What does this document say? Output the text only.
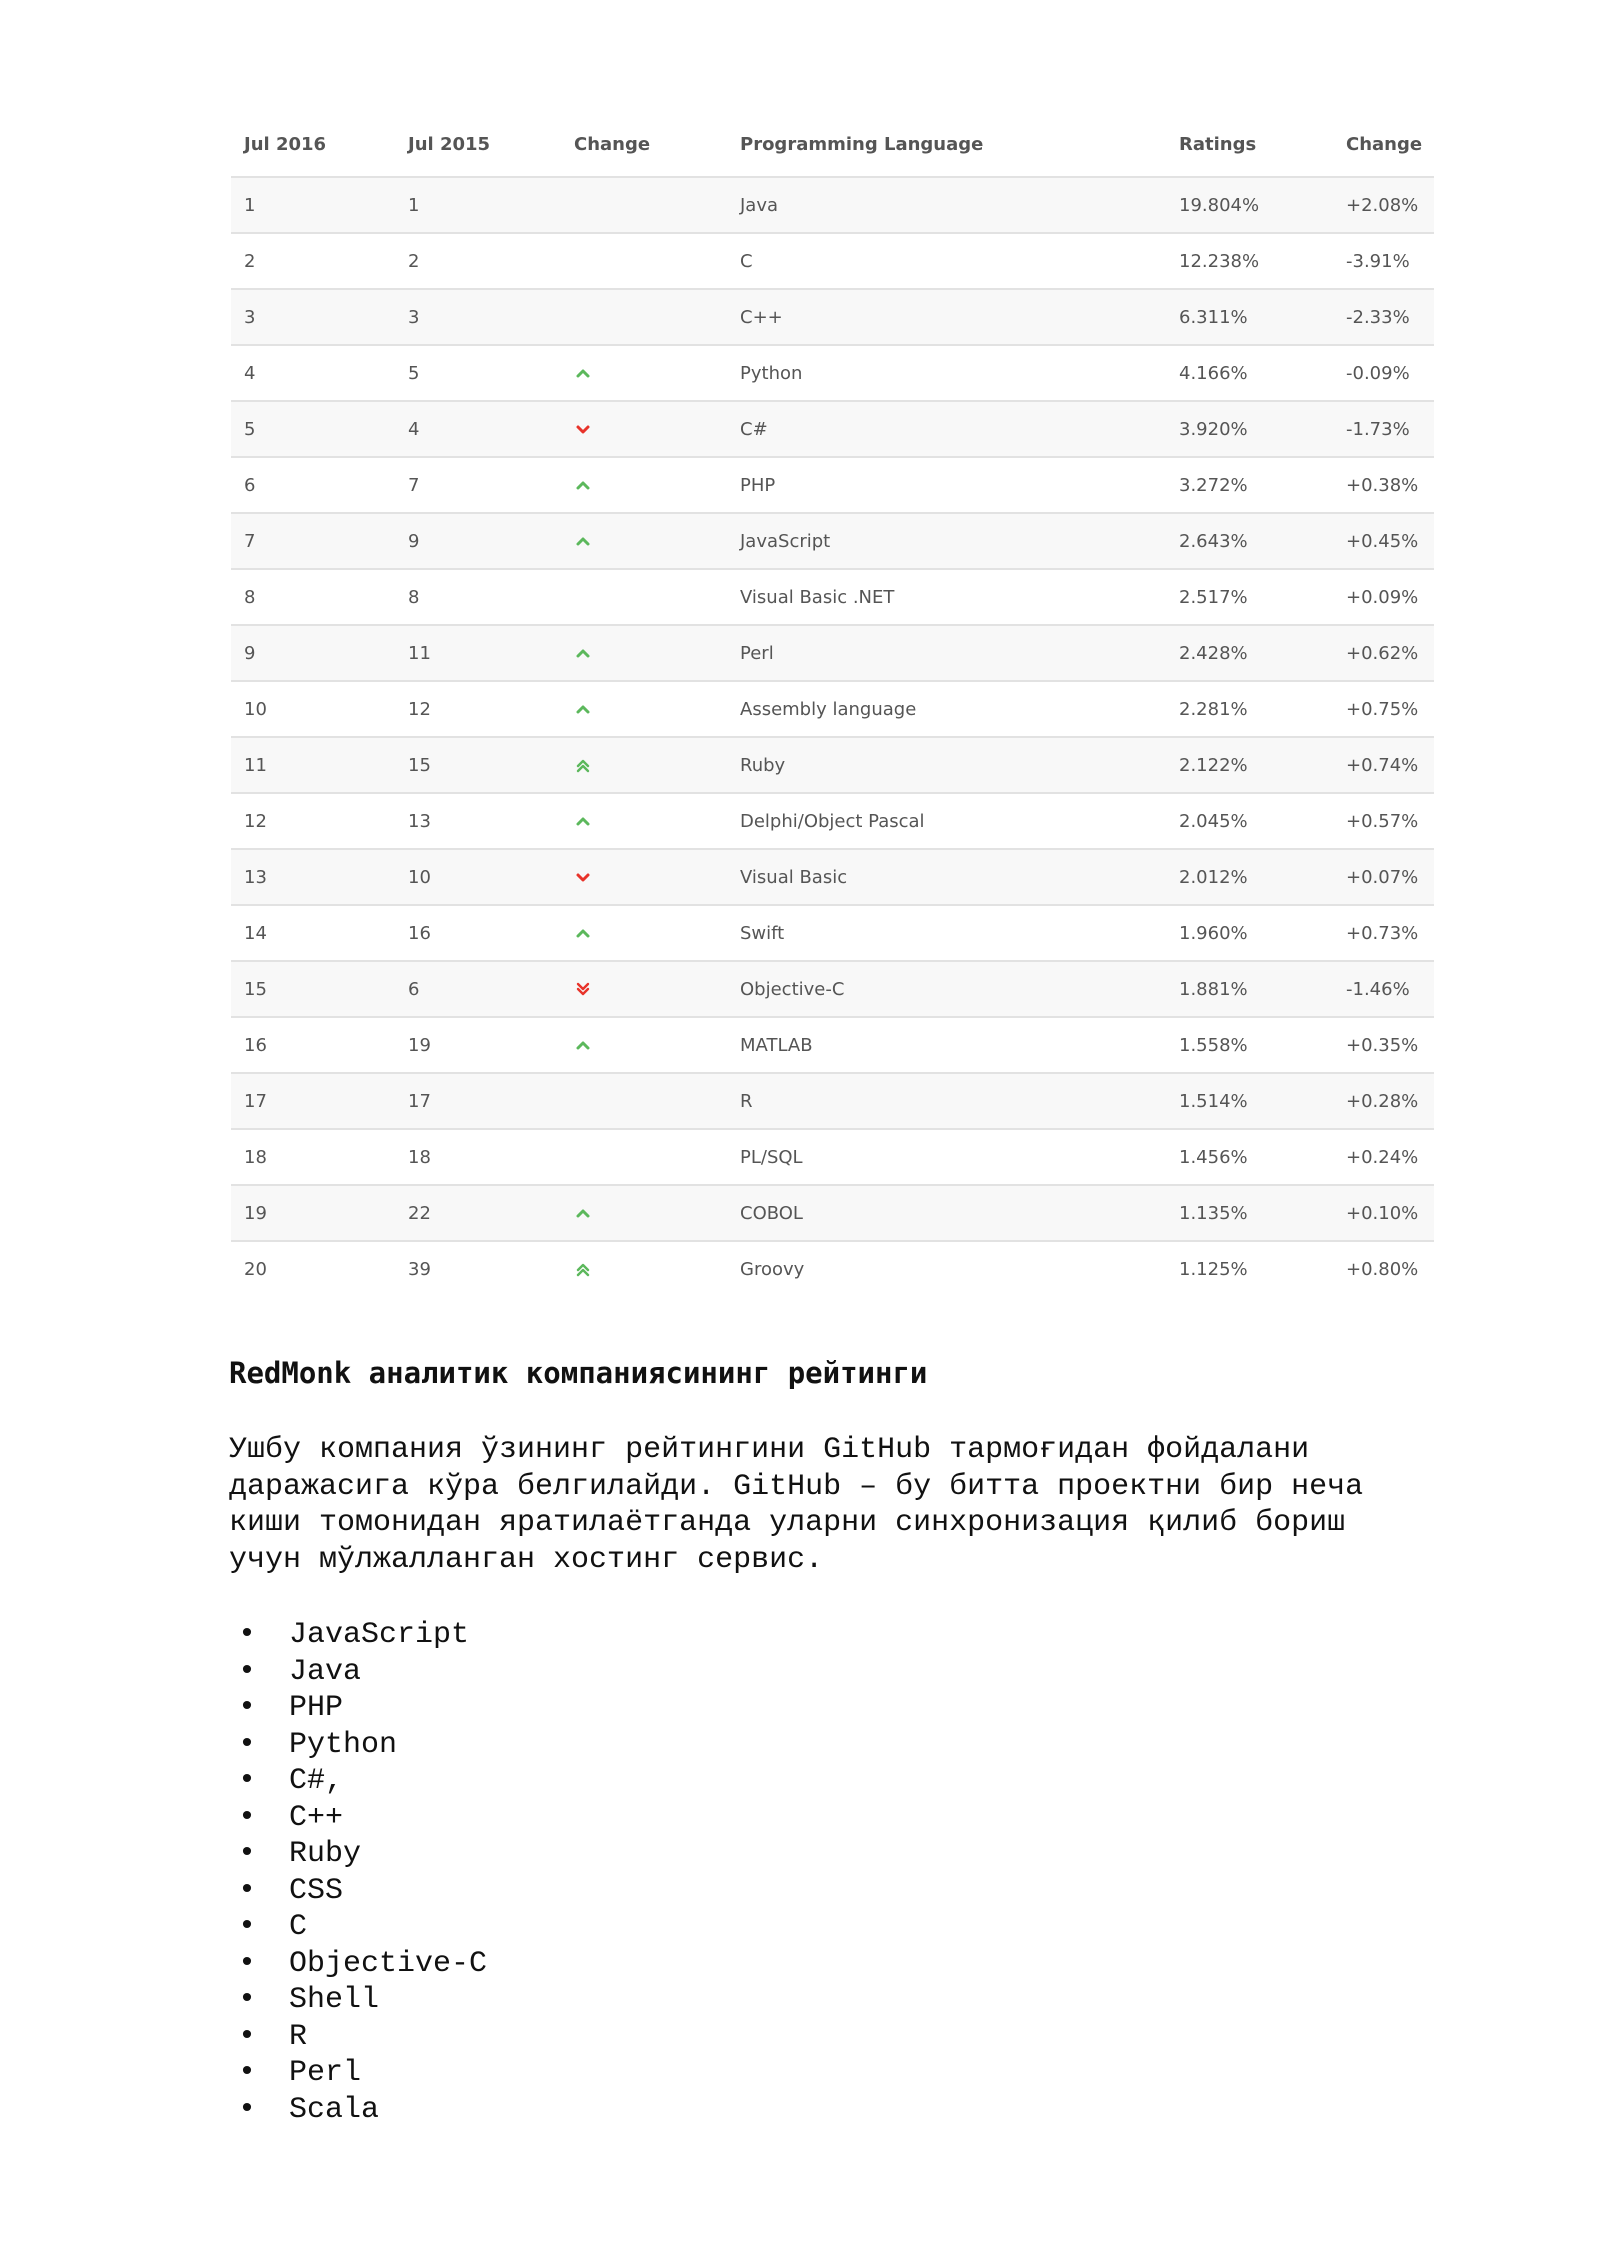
Jul 2016	Jul 2015	Change	Programming Language	Ratings	Change
1	1		Java	19.804%	+2.08%
2	2		C	12.238%	-3.91%
3	3		C++	6.311%	-2.33%
4	5		Python	4.166%	-0.09%
5	4		C#	3.920%	-1.73%
6	7		PHP	3.272%	+0.38%
7	9		JavaScript	2.643%	+0.45%
8	8		Visual Basic .NET	2.517%	+0.09%
9	11		Perl	2.428%	+0.62%
10	12		Assembly language	2.281%	+0.75%
11	15		Ruby	2.122%	+0.74%
12	13		Delphi/Object Pascal	2.045%	+0.57%
13	10		Visual Basic	2.012%	+0.07%
14	16		Swift	1.960%	+0.73%
15	6		Objective-C	1.881%	-1.46%
16	19		MATLAB	1.558%	+0.35%
17	17		R	1.514%	+0.28%
18	18		PL/SQL	1.456%	+0.24%
19	22		COBOL	1.135%	+0.10%
20	39		Groovy	1.125%	+0.80%
RedMonk аналитик компаниясининг рейтинги

Ушбу компания ўзининг рейтингини GitHub тармоғидан фойдалани
даражасига кўра белгилайди. GitHub – бу битта проектни бир неча
киши томонидан яратилаётганда уларни синхронизация қилиб бориш
учун мўлжалланган хостинг сервис.

• JavaScript
• Java
• PHP
• Python
• C#,
• C++
• Ruby
• CSS
• C
• Objective-C
• Shell
• R
• Perl
• Scala
